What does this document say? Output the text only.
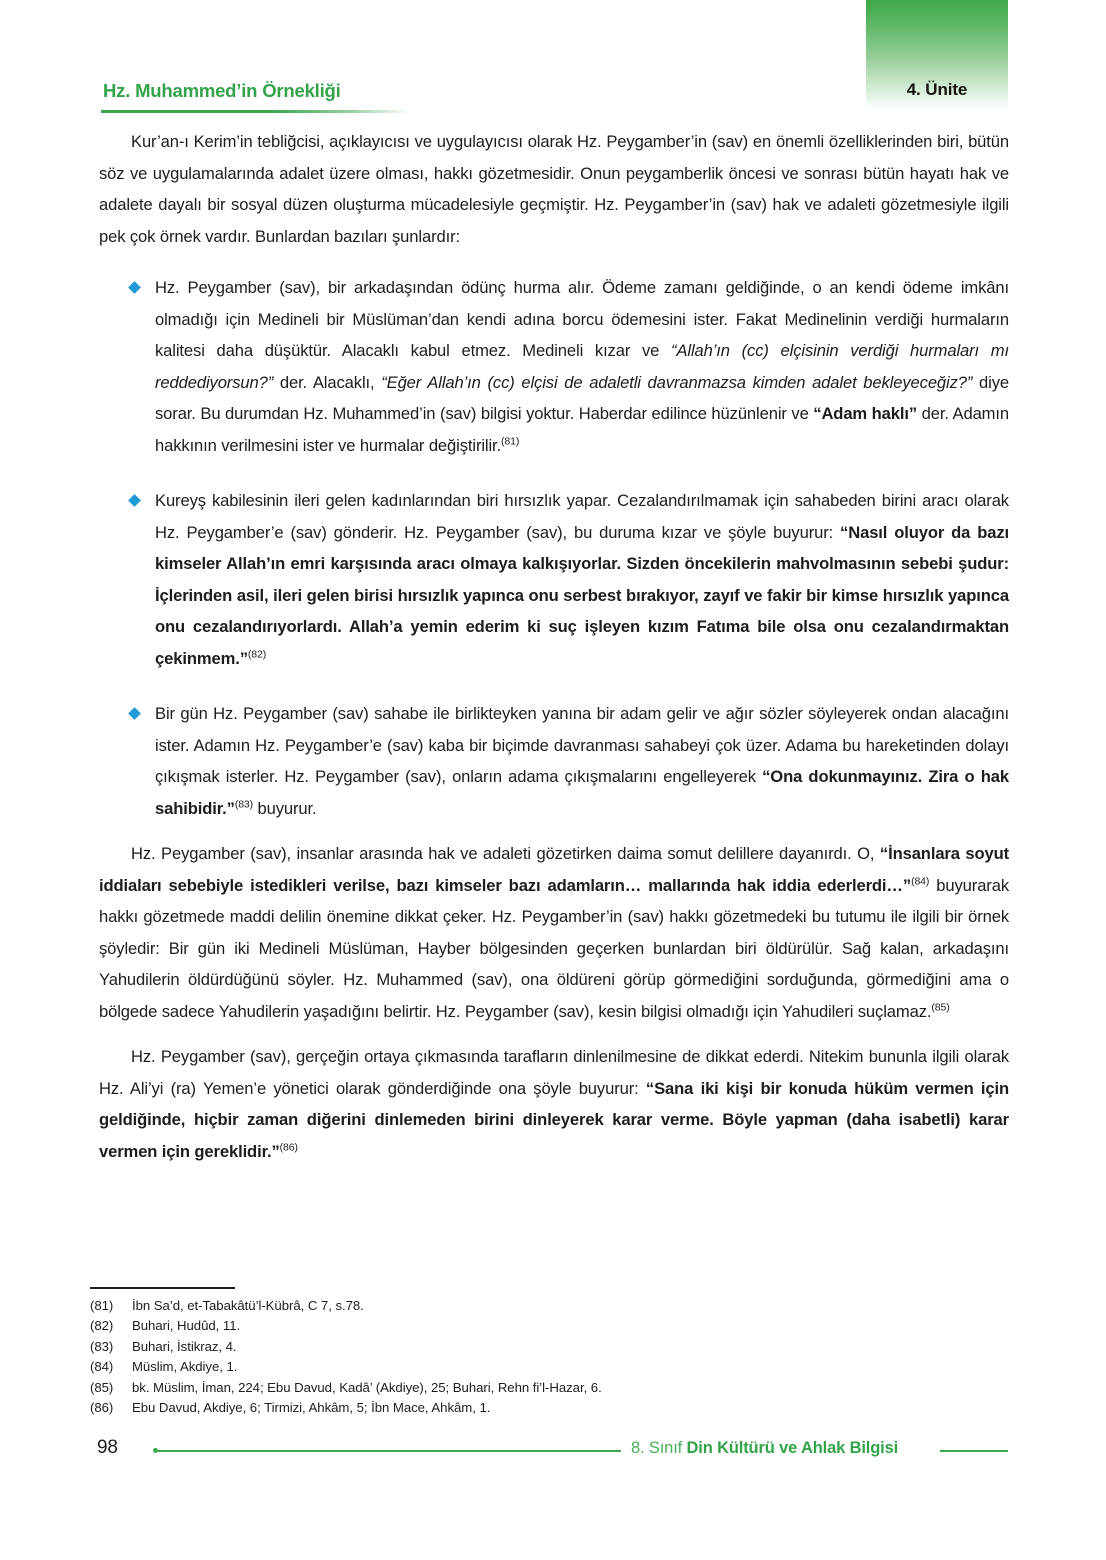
4. Ünite
Hz. Muhammed’in Örnekliği

Kur’an-ı Kerim’in tebliğcisi, açıklayıcısı ve uygulayıcısı olarak Hz. Peygamber’in (sav) en önemli özelliklerinden biri, bütün söz ve uygulamalarında adalet üzere olması, hakkı gözetmesidir. Onun peygamberlik öncesi ve sonrası bütün hayatı hak ve adalete dayalı bir sosyal düzen oluşturma mücadelesiyle geçmiştir. Hz. Peygamber’in (sav) hak ve adaleti gözetmesiyle ilgili pek çok örnek vardır. Bunlardan bazıları şunlardır:

Hz. Peygamber (sav), bir arkadaşından ödünç hurma alır. Ödeme zamanı geldiğinde, o an kendi ödeme imkânı olmadığı için Medineli bir Müslüman’dan kendi adına borcu ödemesini ister. Fakat Medinelinin verdiği hurmaların kalitesi daha düşüktür. Alacaklı kabul etmez. Medineli kızar ve “Allah’ın (cc) elçisinin verdiği hurmaları mı reddediyorsun?” der. Alacaklı, “Eğer Allah’ın (cc) elçisi de adaletli davranmazsa kimden adalet bekleyeceğiz?” diye sorar. Bu durumdan Hz. Muhammed’in (sav) bilgisi yoktur. Haberdar edilince hüzünlenir ve “Adam haklı” der. Adamın hakkının verilmesini ister ve hurmalar değiştirilir.$^{(81)}$
Kureyş kabilesinin ileri gelen kadınlarından biri hırsızlık yapar. Cezalandırılmamak için sahabeden birini aracı olarak Hz. Peygamber’e (sav) gönderir. Hz. Peygamber (sav), bu duruma kızar ve şöyle buyurur: “Nasıl oluyor da bazı kimseler Allah’ın emri karşısında aracı olmaya kalkışıyorlar. Sizden öncekilerin mahvolmasının sebebi şudur: İçlerinden asil, ileri gelen birisi hırsızlık yapınca onu serbest bırakıyor, zayıf ve fakir bir kimse hırsızlık yapınca onu cezalandırıyorlardı. Allah’a yemin ederim ki suç işleyen kızım Fatıma bile olsa onu cezalandırmaktan çekinmem.”$^{(82)}$
Bir gün Hz. Peygamber (sav) sahabe ile birlikteyken yanına bir adam gelir ve ağır sözler söyleyerek ondan alacağını ister. Adamın Hz. Peygamber’e (sav) kaba bir biçimde davranması sahabeyi çok üzer. Adama bu hareketinden dolayı çıkışmak isterler. Hz. Peygamber (sav), onların adama çıkışmalarını engelleyerek “Ona dokunmayınız. Zira o hak sahibidir.”$^{(83)}$ buyurur.

Hz. Peygamber (sav), insanlar arasında hak ve adaleti gözetirken daima somut delillere dayanırdı. O, “İnsanlara soyut iddiaları sebebiyle istedikleri verilse, bazı kimseler bazı adamların… mallarında hak iddia ederlerdi…”$^{(84)}$ buyurarak hakkı gözetmede maddi delilin önemine dikkat çeker. Hz. Peygamber’in (sav) hakkı gözetmedeki bu tutumu ile ilgili bir örnek şöyledir: Bir gün iki Medineli Müslüman, Hayber bölgesinden geçerken bunlardan biri öldürülür. Sağ kalan, arkadaşını Yahudilerin öldürdüğünü söyler. Hz. Muhammed (sav), ona öldüreni görüp görmediğini sorduğunda, görmediğini ama o bölgede sadece Yahudilerin yaşadığını belirtir. Hz. Peygamber (sav), kesin bilgisi olmadığı için Yahudileri suçlamaz.$^{(85)}$

Hz. Peygamber (sav), gerçeğin ortaya çıkmasında tarafların dinlenilmesine de dikkat ederdi. Nitekim bununla ilgili olarak Hz. Ali’yi (ra) Yemen’e yönetici olarak gönderdiğinde ona şöyle buyurur: “Sana iki kişi bir konuda hüküm vermen için geldiğinde, hiçbir zaman diğerini dinlemeden birini dinleyerek karar verme. Böyle yapman (daha isabetli) karar vermen için gereklidir.”$^{(86)}$

(81)	İbn Sa’d, et-Tabakâtü’l-Kübrâ, C 7, s.78.
(82)	Buhari, Hudûd, 11.
(83)	Buhari, İstikraz, 4.
(84)	Müslim, Akdiye, 1.
(85)	bk. Müslim, İman, 224; Ebu Davud, Kadâ’ (Akdiye), 25; Buhari, Rehn fi’l-Hazar, 6.
(86)	Ebu Davud, Akdiye, 6; Tirmizi, Ahkâm, 5; İbn Mace, Ahkâm, 1.
98	8. Sınıf Din Kültürü ve Ahlak Bilgisi
